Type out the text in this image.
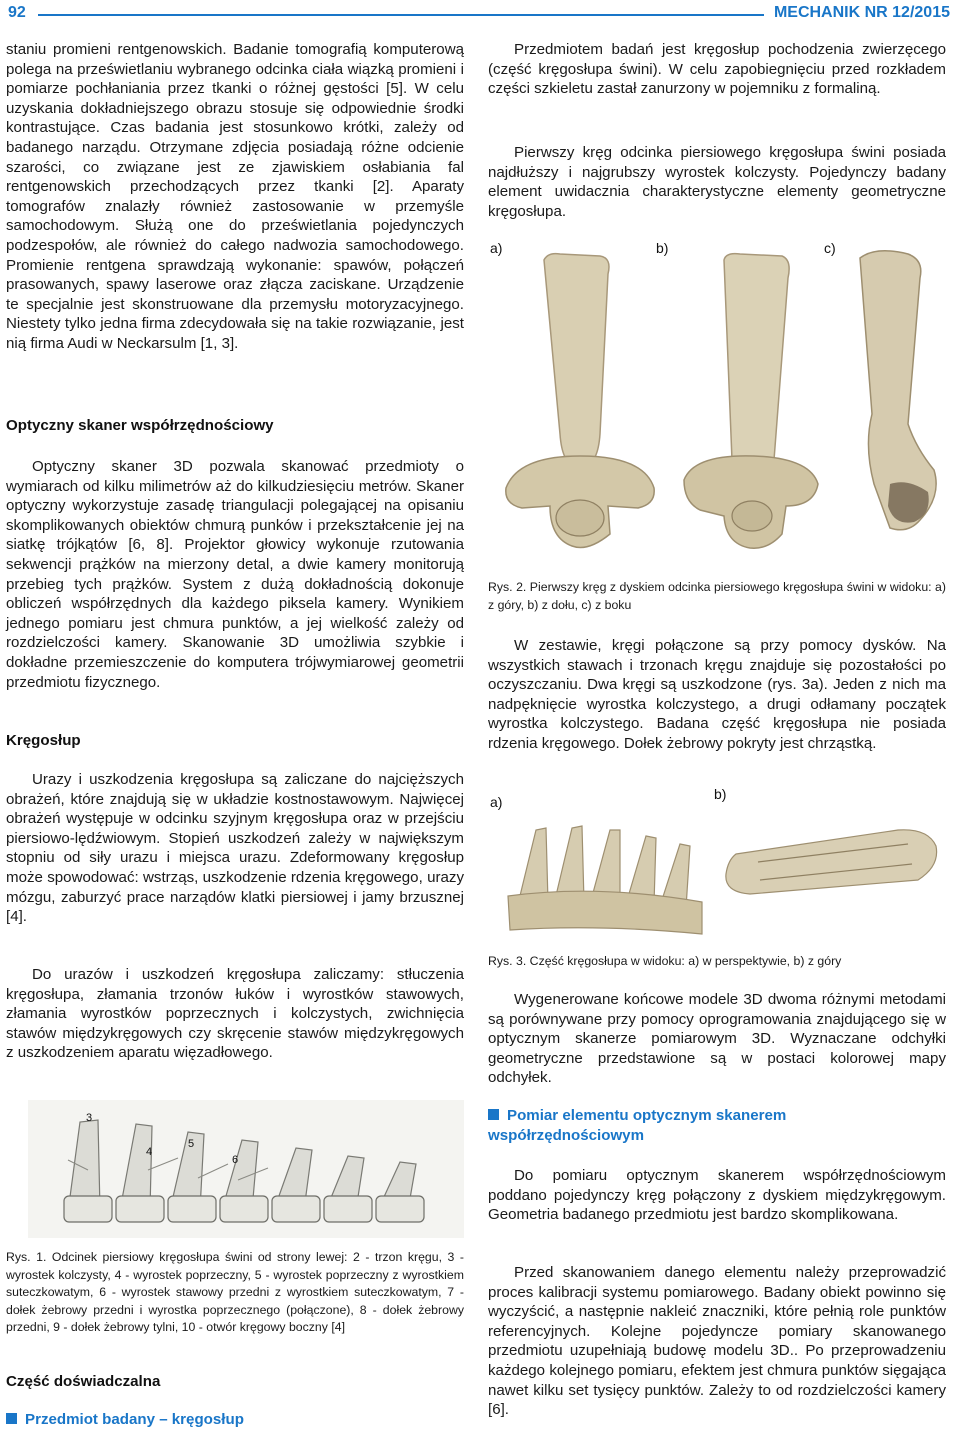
92	MECHANIK NR 12/2015

staniu promieni rentgenowskich. Badanie tomografią komputerową polega na prześwietlaniu wybranego odcinka ciała wiązką promieni i pomiarze pochłaniania przez tkanki o różnej gęstości [5]. W celu uzyskania dokładniejszego obrazu stosuje się odpowiednie środki kontrastujące. Czas badania jest stosunkowo krótki, zależy od badanego narządu. Otrzymane zdjęcia posiadają różne odcienie szarości, co związane jest ze zjawiskiem osłabiania fal rentgenowskich przechodzących przez tkanki [2]. Aparaty tomografów znalazły również zastosowanie w przemyśle samochodowym. Służą one do prześwietlania pojedynczych podzespołów, ale również do całego nadwozia samochodowego. Promienie rentgena sprawdzają wykonanie: spawów, połączeń prasowanych, spawy laserowe oraz złącza zaciskane. Urządzenie te specjalnie jest skonstruowane dla przemysłu motoryzacyjnego. Niestety tylko jedna firma zdecydowała się na takie rozwiązanie, jest nią firma Audi w Neckarsulm [1, 3].

Optyczny skaner współrzędnościowy

Optyczny skaner 3D pozwala skanować przedmioty o wymiarach od kilku milimetrów aż do kilkudziesięciu metrów. Skaner optyczny wykorzystuje zasadę triangulacji polegającej na opisaniu skomplikowanych obiektów chmurą punków i przekształcenie jej na siatkę trójkątów [6, 8]. Projektor głowicy wykonuje rzutowania sekwencji prążków na mierzony detal, a dwie kamery monitorują przebieg tych prążków. System z dużą dokładnością dokonuje obliczeń współrzędnych dla każdego piksela kamery. Wynikiem jednego pomiaru jest chmura punktów, a jej wielkość zależy od rozdzielczości kamery. Skanowanie 3D umożliwia szybkie i dokładne przemieszczenie do komputera trójwymiarowej geometrii przedmiotu fizycznego.

Kręgosłup

Urazy i uszkodzenia kręgosłupa są zaliczane do najcięższych obrażeń, które znajdują się w układzie kostnostawowym. Najwięcej obrażeń występuje w odcinku szyjnym kręgosłupa oraz w przejściu piersiowo-lędźwiowym. Stopień uszkodzeń zależy w największym stopniu od siły urazu i miejsca urazu. Zdeformowany kręgosłup może spowodować: wstrząs, uszkodzenie rdzenia kręgowego, urazy mózgu, zaburzyć prace narządów klatki piersiowej i jamy brzusznej [4].

Do urazów i uszkodzeń kręgosłupa zaliczamy: stłuczenia kręgosłupa, złamania trzonów łuków i wyrostków stawowych, złamania wyrostków poprzecznych i kolczystych, zwichnięcia stawów międzykręgowych czy skręcenie stawów międzykręgowych z uszkodzeniem aparatu więzadłowego.

3
4
5
6

Rys. 1. Odcinek piersiowy kręgosłupa świni od strony lewej: 2 - trzon kręgu, 3 - wyrostek kolczysty, 4 - wyrostek poprzeczny, 5 - wyrostek poprzeczny z wyrostkiem suteczkowatym, 6 - wyrostek stawowy przedni z wyrostkiem suteczkowatym, 7 - dołek żebrowy przedni i wyrostka poprzecznego (połączone), 8 - dołek żebrowy przedni, 9 - dołek żebrowy tylni, 10 - otwór kręgowy boczny [4]

Część doświadczalna

Przedmiot badany – kręgosłup

Przedmiotem badań jest kręgosłup pochodzenia zwierzęcego (część kręgosłupa świni). W celu zapobiegnięciu przed rozkładem części szkieletu zastał zanurzony w pojemniku z formaliną.

Pierwszy kręg odcinka piersiowego kręgosłupa świni posiada najdłuższy i najgrubszy wyrostek kolczysty. Pojedynczy badany element uwidacznia charakterystyczne elementy geometryczne kręgosłupa.

a)	b)	c)

Rys. 2. Pierwszy kręg z dyskiem odcinka piersiowego kręgosłupa świni w widoku: a) z góry, b) z dołu, c) z boku

W zestawie, kręgi połączone są przy pomocy dysków. Na wszystkich stawach i trzonach kręgu znajduje się pozostałości po oczyszczaniu. Dwa kręgi są uszkodzone (rys. 3a). Jeden z nich ma nadpęknięcie wyrostka kolczystego, a drugi odłamany początek wyrostka kolczystego. Badana część kręgosłupa nie posiada rdzenia kręgowego. Dołek żebrowy pokryty jest chrząstką.

a)	b)

Rys. 3. Część kręgosłupa w widoku: a) w perspektywie, b) z góry

Wygenerowane końcowe modele 3D dwoma różnymi metodami są porównywane przy pomocy oprogramowania znajdującego się w optycznym skanerze pomiarowym 3D. Wyznaczane odchyłki geometryczne przedstawione są w postaci kolorowej mapy odchyłek.

Pomiar elementu optycznym skanerem współrzędnościowym

Do pomiaru optycznym skanerem współrzędnościowym poddano pojedynczy kręg połączony z dyskiem międzykręgowym. Geometria badanego przedmiotu jest bardzo skomplikowana.

Przed skanowaniem danego elementu należy przeprowadzić proces kalibracji systemu pomiarowego. Badany obiekt powinno się wyczyścić, a następnie nakleić znaczniki, które pełnią role punktów referencyjnych. Kolejne pojedyncze pomiary skanowanego przedmiotu uzupełniają budowę modelu 3D.. Po przeprowadzeniu każdego kolejnego pomiaru, efektem jest chmura punktów sięgająca nawet kilku set tysięcy punktów. Zależy to od rozdzielczości kamery [6].
